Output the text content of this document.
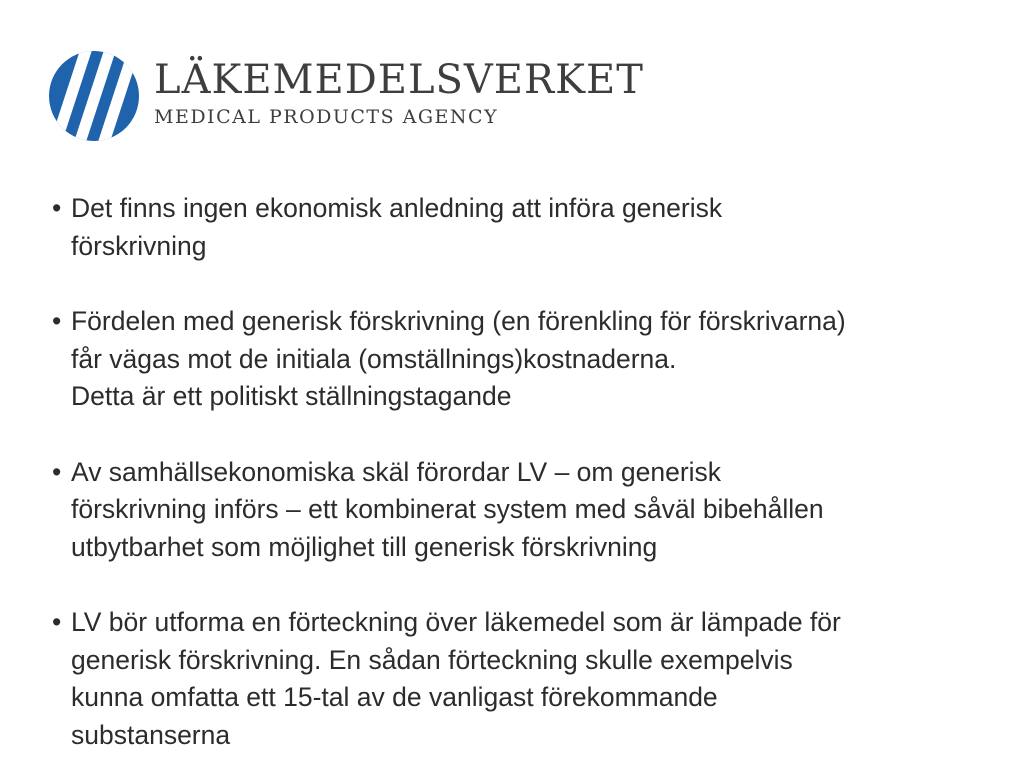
LÄKEMEDELSVERKET
MEDICAL PRODUCTS AGENCY
• Det finns ingen ekonomisk anledning att införa generisk
förskrivning
• Fördelen med generisk förskrivning (en förenkling för förskrivarna)
får vägas mot de initiala (omställnings)kostnaderna.
Detta är ett politiskt ställningstagande
• Av samhällsekonomiska skäl förordar LV – om generisk
förskrivning införs – ett kombinerat system med såväl bibehållen
utbytbarhet som möjlighet till generisk förskrivning
• LV bör utforma en förteckning över läkemedel som är lämpade för
generisk förskrivning. En sådan förteckning skulle exempelvis
kunna omfatta ett 15-tal av de vanligast förekommande
substanserna
